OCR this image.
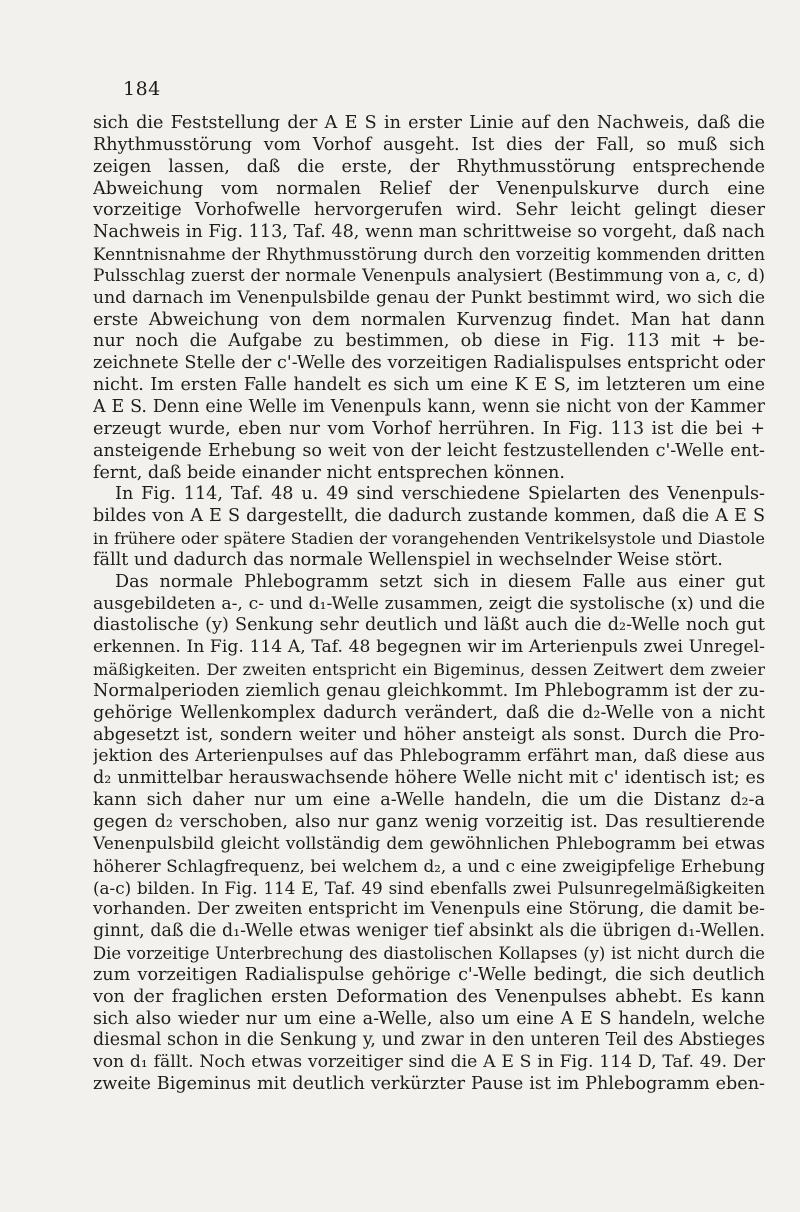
184
sich die Feststellung der A E S in erster Linie auf den Nachweis, daß die
Rhythmusstörung vom Vorhof ausgeht. Ist dies der Fall, so muß sich
zeigen lassen, daß die erste, der Rhythmusstörung entsprechende
Abweichung vom normalen Relief der Venenpulskurve durch eine
vorzeitige Vorhofwelle hervorgerufen wird. Sehr leicht gelingt dieser
Nachweis in Fig. 113, Taf. 48, wenn man schrittweise so vorgeht, daß nach
Kenntnisnahme der Rhythmusstörung durch den vorzeitig kommenden dritten
Pulsschlag zuerst der normale Venenpuls analysiert (Bestimmung von a, c, d)
und darnach im Venenpulsbilde genau der Punkt bestimmt wird, wo sich die
erste Abweichung von dem normalen Kurvenzug findet. Man hat dann
nur noch die Aufgabe zu bestimmen, ob diese in Fig. 113 mit + be-
zeichnete Stelle der c'-Welle des vorzeitigen Radialispulses entspricht oder
nicht. Im ersten Falle handelt es sich um eine K E S, im letzteren um eine
A E S. Denn eine Welle im Venenpuls kann, wenn sie nicht von der Kammer
erzeugt wurde, eben nur vom Vorhof herrühren. In Fig. 113 ist die bei +
ansteigende Erhebung so weit von der leicht festzustellenden c'-Welle ent-
fernt, daß beide einander nicht entsprechen können.
In Fig. 114, Taf. 48 u. 49 sind verschiedene Spielarten des Venenpuls-
bildes von A E S dargestellt, die dadurch zustande kommen, daß die A E S
in frühere oder spätere Stadien der vorangehenden Ventrikelsystole und Diastole
fällt und dadurch das normale Wellenspiel in wechselnder Weise stört.
Das normale Phlebogramm setzt sich in diesem Falle aus einer gut
ausgebildeten a-, c- und d₁-Welle zusammen, zeigt die systolische (x) und die
diastolische (y) Senkung sehr deutlich und läßt auch die d₂-Welle noch gut
erkennen. In Fig. 114 A, Taf. 48 begegnen wir im Arterienpuls zwei Unregel-
mäßigkeiten. Der zweiten entspricht ein Bigeminus, dessen Zeitwert dem zweier
Normalperioden ziemlich genau gleichkommt. Im Phlebogramm ist der zu-
gehörige Wellenkomplex dadurch verändert, daß die d₂-Welle von a nicht
abgesetzt ist, sondern weiter und höher ansteigt als sonst. Durch die Pro-
jektion des Arterienpulses auf das Phlebogramm erfährt man, daß diese aus
d₂ unmittelbar herauswachsende höhere Welle nicht mit c' identisch ist; es
kann sich daher nur um eine a-Welle handeln, die um die Distanz d₂-a
gegen d₂ verschoben, also nur ganz wenig vorzeitig ist. Das resultierende
Venenpulsbild gleicht vollständig dem gewöhnlichen Phlebogramm bei etwas
höherer Schlagfrequenz, bei welchem d₂, a und c eine zweigipfelige Erhebung
(a-c) bilden. In Fig. 114 E, Taf. 49 sind ebenfalls zwei Pulsunregelmäßigkeiten
vorhanden. Der zweiten entspricht im Venenpuls eine Störung, die damit be-
ginnt, daß die d₁-Welle etwas weniger tief absinkt als die übrigen d₁-Wellen.
Die vorzeitige Unterbrechung des diastolischen Kollapses (y) ist nicht durch die
zum vorzeitigen Radialispulse gehörige c'-Welle bedingt, die sich deutlich
von der fraglichen ersten Deformation des Venenpulses abhebt. Es kann
sich also wieder nur um eine a-Welle, also um eine A E S handeln, welche
diesmal schon in die Senkung y, und zwar in den unteren Teil des Abstieges
von d₁ fällt. Noch etwas vorzeitiger sind die A E S in Fig. 114 D, Taf. 49. Der
zweite Bigeminus mit deutlich verkürzter Pause ist im Phlebogramm eben-
